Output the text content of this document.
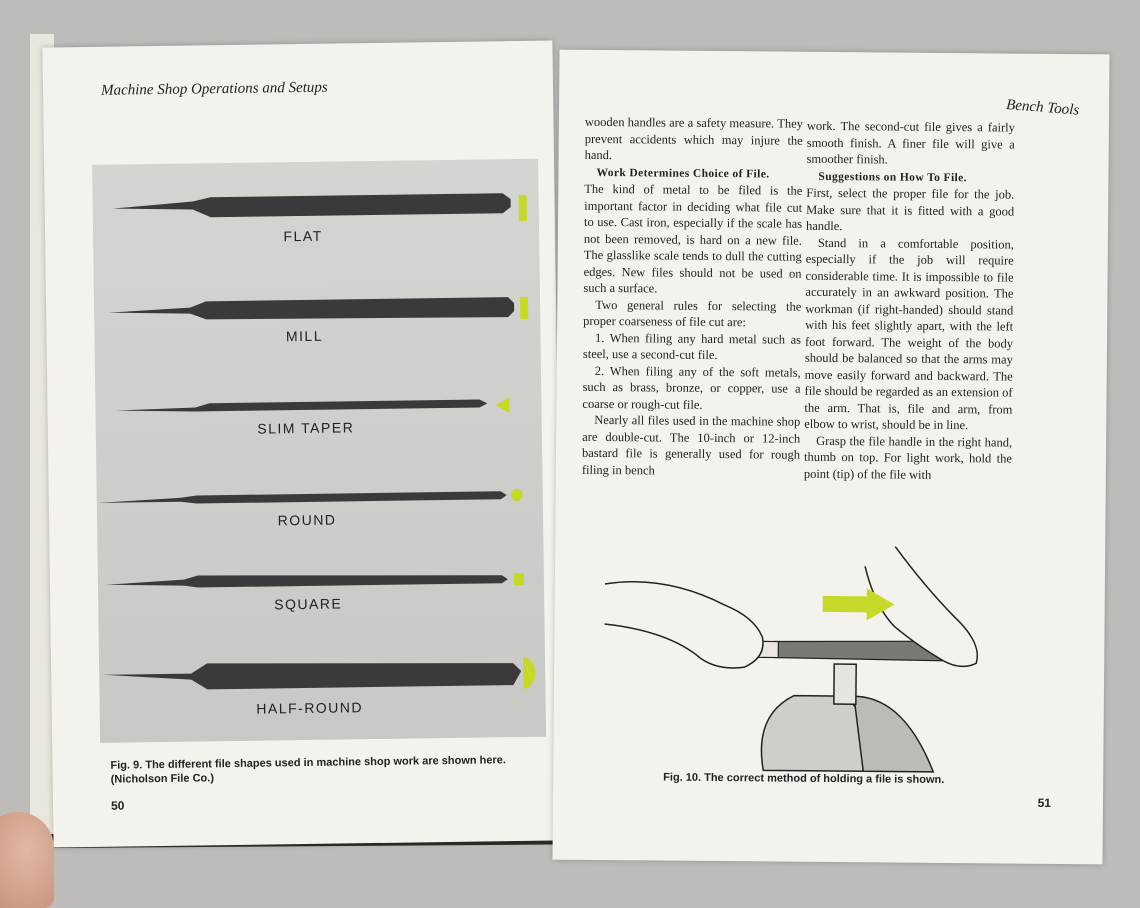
Machine Shop Operations and Setups
FLAT
MILL
SLIM TAPER
ROUND
SQUARE
HALF-ROUND
Fig. 9. The different file shapes used in machine shop work are shown here. (Nicholson File Co.)
50
Bench Tools

wooden handles are a safety measure. They prevent accidents which may injure the hand.

Work Determines Choice of File.

The kind of metal to be filed is the important factor in deciding what file cut to use. Cast iron, especially if the scale has not been removed, is hard on a new file. The glasslike scale tends to dull the cutting edges. New files should not be used on such a surface.

Two general rules for selecting the proper coarseness of file cut are:

1. When filing any hard metal such as steel, use a second-cut file.

2. When filing any of the soft metals, such as brass, bronze, or copper, use a coarse or rough-cut file.

Nearly all files used in the machine shop are double-cut. The 10-inch or 12-inch bastard file is generally used for rough filing in bench

work. The second-cut file gives a fairly smooth finish. A finer file will give a smoother finish.

Suggestions on How To File.

First, select the proper file for the job. Make sure that it is fitted with a good handle.

Stand in a comfortable position, especially if the job will require considerable time. It is impossible to file accurately in an awkward position. The workman (if right-handed) should stand with his feet slightly apart, with the left foot forward. The weight of the body should be balanced so that the arms may move easily forward and backward. The file should be regarded as an extension of the arm. That is, file and arm, from elbow to wrist, should be in line.

Grasp the file handle in the right hand, thumb on top. For light work, hold the point (tip) of the file with

Fig. 10. The correct method of holding a file is shown.
51
